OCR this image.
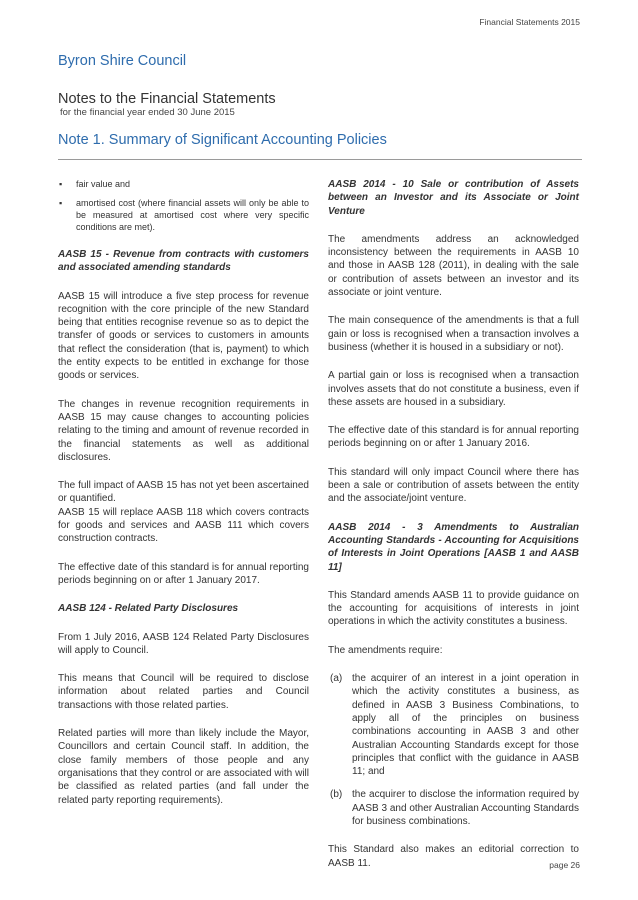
Financial Statements 2015
Byron Shire Council
Notes to the Financial Statements
for the financial year ended 30 June 2015
Note 1. Summary of Significant Accounting Policies
▪ fair value and
▪ amortised cost (where financial assets will only be able to be measured at amortised cost where very specific conditions are met).
AASB 15 - Revenue from contracts with customers and associated amending standards

AASB 15 will introduce a five step process for revenue recognition with the core principle of the new Standard being that entities recognise revenue so as to depict the transfer of goods or services to customers in amounts that reflect the consideration (that is, payment) to which the entity expects to be entitled in exchange for those goods or services.

The changes in revenue recognition requirements in AASB 15 may cause changes to accounting policies relating to the timing and amount of revenue recorded in the financial statements as well as additional disclosures.

The full impact of AASB 15 has not yet been ascertained or quantified.

AASB 15 will replace AASB 118 which covers contracts for goods and services and AASB 111 which covers construction contracts.

The effective date of this standard is for annual reporting periods beginning on or after 1 January 2017.

AASB 124 - Related Party Disclosures

From 1 July 2016, AASB 124 Related Party Disclosures will apply to Council.

This means that Council will be required to disclose information about related parties and Council transactions with those related parties.

Related parties will more than likely include the Mayor, Councillors and certain Council staff. In addition, the close family members of those people and any organisations that they control or are associated with will be classified as related parties (and fall under the related party reporting requirements).

AASB 2014 - 10 Sale or contribution of Assets between an Investor and its Associate or Joint Venture

The amendments address an acknowledged inconsistency between the requirements in AASB 10 and those in AASB 128 (2011), in dealing with the sale or contribution of assets between an investor and its associate or joint venture.

The main consequence of the amendments is that a full gain or loss is recognised when a transaction involves a business (whether it is housed in a subsidiary or not).

A partial gain or loss is recognised when a transaction involves assets that do not constitute a business, even if these assets are housed in a subsidiary.

The effective date of this standard is for annual reporting periods beginning on or after 1 January 2016.

This standard will only impact Council where there has been a sale or contribution of assets between the entity and the associate/joint venture.

AASB 2014 - 3 Amendments to Australian Accounting Standards - Accounting for Acquisitions of Interests in Joint Operations [AASB 1 and AASB 11]

This Standard amends AASB 11 to provide guidance on the accounting for acquisitions of interests in joint operations in which the activity constitutes a business.

The amendments require:

(a) the acquirer of an interest in a joint operation in which the activity constitutes a business, as defined in AASB 3 Business Combinations, to apply all of the principles on business combinations accounting in AASB 3 and other Australian Accounting Standards except for those principles that conflict with the guidance in AASB 11; and
(b) the acquirer to disclose the information required by AASB 3 and other Australian Accounting Standards for business combinations.

This Standard also makes an editorial correction to AASB 11.	page 26
